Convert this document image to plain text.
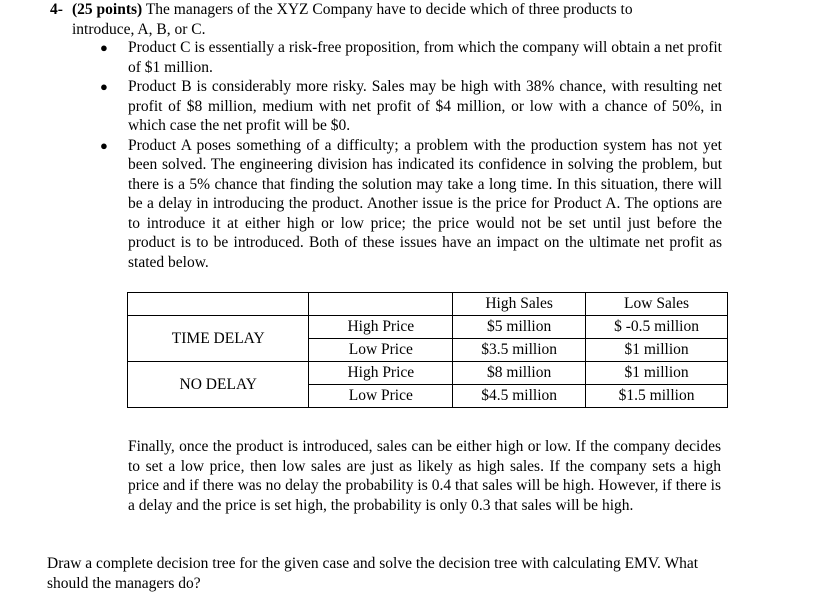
4- (25 points) The managers of the XYZ Company have to decide which of three products to
introduce, A, B, or C.
● Product C is essentially a risk-free proposition, from which the company will obtain a net profit of $1 million.
● Product B is considerably more risky. Sales may be high with 38% chance, with resulting net profit of $8 million, medium with net profit of $4 million, or low with a chance of 50%, in which case the net profit will be $0.
● Product A poses something of a difficulty; a problem with the production system has not yet been solved. The engineering division has indicated its confidence in solving the problem, but there is a 5% chance that finding the solution may take a long time. In this situation, there will be a delay in introducing the product. Another issue is the price for Product A. The options are to introduce it at either high or low price; the price would not be set until just before the product is to be introduced. Both of these issues have an impact on the ultimate net profit as stated below.
		High Sales	Low Sales
TIME DELAY	High Price	$5 million	$ -0.5 million
	Low Price	$3.5 million	$1 million
NO DELAY	High Price	$8 million	$1 million
	Low Price	$4.5 million	$1.5 million
Finally, once the product is introduced, sales can be either high or low. If the company decides to set a low price, then low sales are just as likely as high sales. If the company sets a high price and if there was no delay the probability is 0.4 that sales will be high. However, if there is a delay and the price is set high, the probability is only 0.3 that sales will be high.
Draw a complete decision tree for the given case and solve the decision tree with calculating EMV. What should the managers do?
